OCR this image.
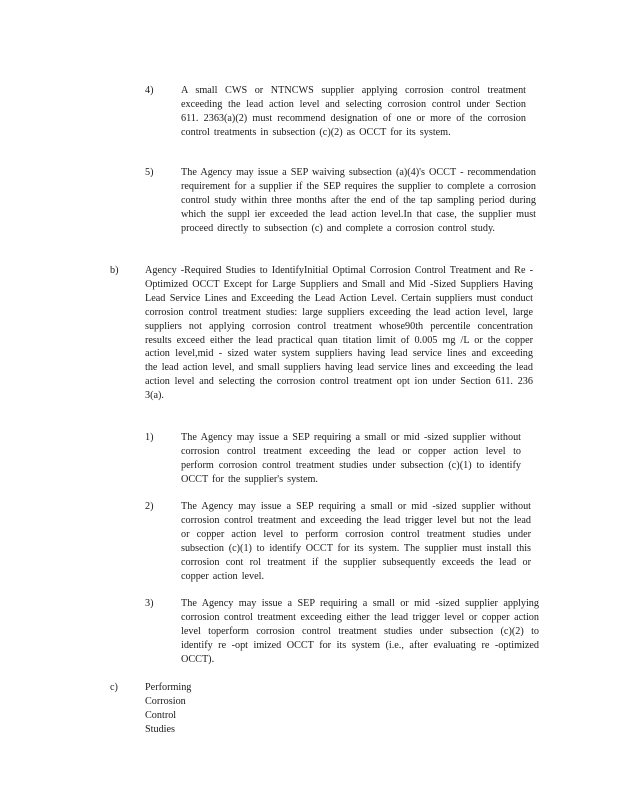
4)	A small CWS or NTNCWS supplier applying corrosion control treatment exceeding the lead action level and selecting corrosion control under Section 611. 2363(a)(2) must recommend designation of one or more of the corrosion control treatments in subsection (c)(2) as OCCT for its system.
5)	The Agency may issue a SEP waiving subsection (a)(4)'s OCCT - recommendation requirement for a supplier if the SEP requires the supplier to complete a corrosion control study within three months after the end of the tap sampling period during which the suppl ier exceeded the lead action level.In that case, the supplier must proceed directly to subsection (c) and complete a corrosion control study.
b)	Agency -Required Studies to IdentifyInitial Optimal Corrosion Control Treatment and Re -Optimized OCCT Except for Large Suppliers and Small and Mid -Sized Suppliers Having Lead Service Lines and Exceeding the Lead Action Level. Certain suppliers must conduct corrosion control treatment studies: large suppliers exceeding the lead action level, large suppliers not applying corrosion control treatment whose90th percentile concentration results exceed either the lead practical quan titation limit of 0.005 mg /L or the copper action level,mid - sized water system suppliers having lead service lines and exceeding the lead action level, and small suppliers having lead service lines and exceeding the lead action level and selecting the corrosion control treatment opt ion under Section 611. 236 3(a).
1)	The Agency may issue a SEP requiring a small or mid -sized supplier without corrosion control treatment exceeding the lead or copper action level to perform corrosion control treatment studies under subsection (c)(1) to identify OCCT for the supplier's system.
2)	The Agency may issue a SEP requiring a small or mid -sized supplier without corrosion control treatment and exceeding the lead trigger level but not the lead or copper action level to perform corrosion control treatment studies under subsection (c)(1) to identify OCCT for its system. The supplier must install this corrosion cont rol treatment if the supplier subsequently exceeds the lead or copper action level.
3)	The Agency may issue a SEP requiring a small or mid -sized supplier applying corrosion control treatment exceeding either the lead trigger level or copper action level toperform corrosion control treatment studies under subsection (c)(2) to identify re -opt imized OCCT for its system (i.e., after evaluating re -optimized OCCT).
c)	Performing Corrosion Control Studies
